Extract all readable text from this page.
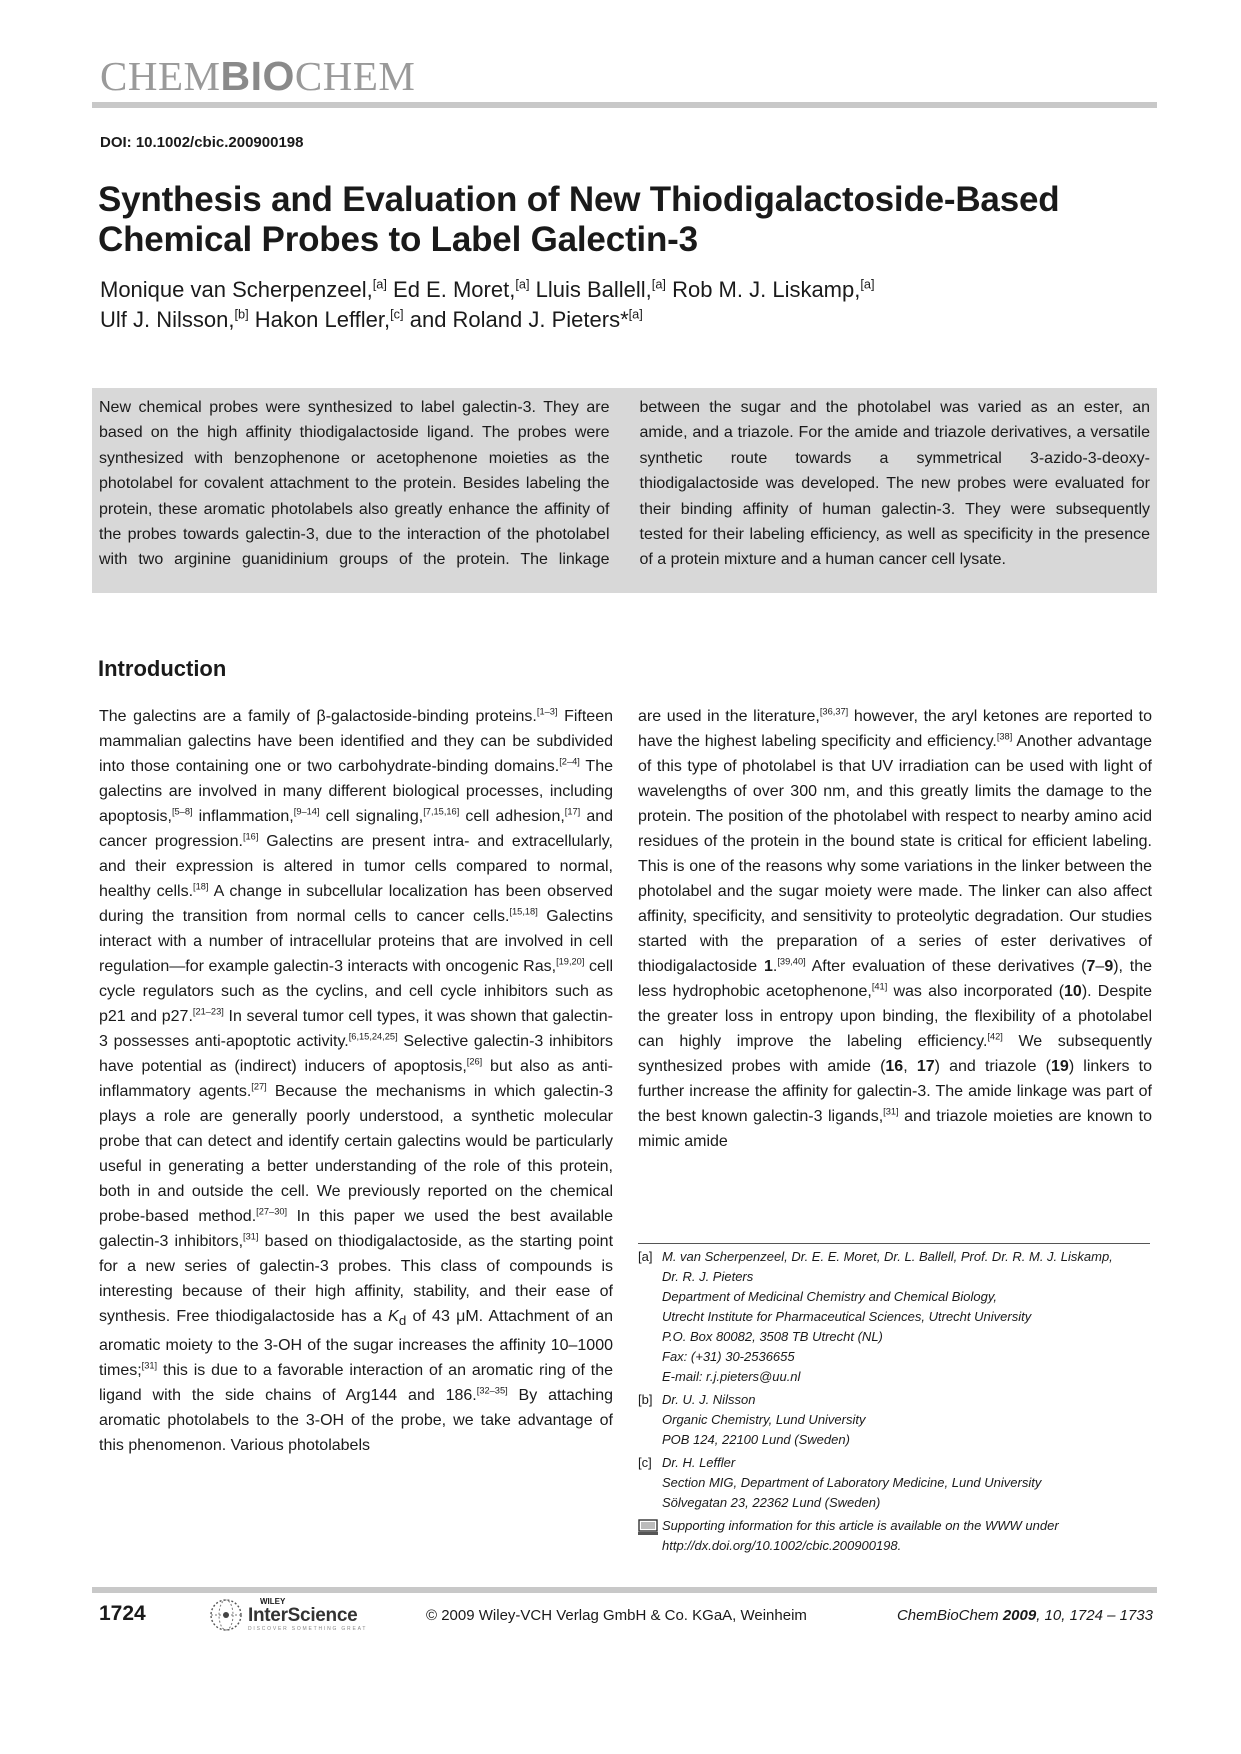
CHEMBIOCHEM
DOI: 10.1002/cbic.200900198
Synthesis and Evaluation of New Thiodigalactoside-Based
Chemical Probes to Label Galectin-3
Monique van Scherpenzeel,[a] Ed E. Moret,[a] Lluis Ballell,[a] Rob M. J. Liskamp,[a]
Ulf J. Nilsson,[b] Hakon Leffler,[c] and Roland J. Pieters*[a]
New chemical probes were synthesized to label galectin-3. They are based on the high affinity thiodigalactoside ligand. The probes were synthesized with benzophenone or acetophenone moieties as the photolabel for covalent attachment to the protein. Besides labeling the protein, these aromatic photolabels also greatly enhance the affinity of the probes towards galectin-3, due to the interaction of the photolabel with two arginine guanidinium groups of the protein. The linkage between the sugar and the photolabel was varied as an ester, an amide, and a triazole. For the amide and triazole derivatives, a versatile synthetic route towards a symmetrical 3-azido-3-deoxy-thiodigalactoside was developed. The new probes were evaluated for their binding affinity of human galectin-3. They were subsequently tested for their labeling efficiency, as well as specificity in the presence of a protein mixture and a human cancer cell lysate.
Introduction

The galectins are a family of β-galactoside-binding proteins.[1–3] Fifteen mammalian galectins have been identified and they can be subdivided into those containing one or two carbohydrate-binding domains.[2–4] The galectins are involved in many different biological processes, including apoptosis,[5–8] inflammation,[9–14] cell signaling,[7,15,16] cell adhesion,[17] and cancer progression.[16] Galectins are present intra- and extracellularly, and their expression is altered in tumor cells compared to normal, healthy cells.[18] A change in subcellular localization has been observed during the transition from normal cells to cancer cells.[15,18] Galectins interact with a number of intracellular proteins that are involved in cell regulation—for example galectin-3 interacts with oncogenic Ras,[19,20] cell cycle regulators such as the cyclins, and cell cycle inhibitors such as p21 and p27.[21–23] In several tumor cell types, it was shown that galectin-3 possesses anti-apoptotic activity.[6,15,24,25] Selective galectin-3 inhibitors have potential as (indirect) inducers of apoptosis,[26] but also as anti-inflammatory agents.[27] Because the mechanisms in which galectin-3 plays a role are generally poorly understood, a synthetic molecular probe that can detect and identify certain galectins would be particularly useful in generating a better understanding of the role of this protein, both in and outside the cell. We previously reported on the chemical probe-based method.[27–30] In this paper we used the best available galectin-3 inhibitors,[31] based on thiodigalactoside, as the starting point for a new series of galectin-3 probes. This class of compounds is interesting because of their high affinity, stability, and their ease of synthesis. Free thiodigalactoside has a $K_d$ of 43 μM. Attachment of an aromatic moiety to the 3-OH of the sugar increases the affinity 10–1000 times;[31] this is due to a favorable interaction of an aromatic ring of the ligand with the side chains of Arg144 and 186.[32–35] By attaching aromatic photolabels to the 3-OH of the probe, we take advantage of this phenomenon. Various photolabels

are used in the literature,[36,37] however, the aryl ketones are reported to have the highest labeling specificity and efficiency.[38] Another advantage of this type of photolabel is that UV irradiation can be used with light of wavelengths of over 300 nm, and this greatly limits the damage to the protein. The position of the photolabel with respect to nearby amino acid residues of the protein in the bound state is critical for efficient labeling. This is one of the reasons why some variations in the linker between the photolabel and the sugar moiety were made. The linker can also affect affinity, specificity, and sensitivity to proteolytic degradation. Our studies started with the preparation of a series of ester derivatives of thiodigalactoside 1.[39,40] After evaluation of these derivatives (7–9), the less hydrophobic acetophenone,[41] was also incorporated (10). Despite the greater loss in entropy upon binding, the flexibility of a photolabel can highly improve the labeling efficiency.[42] We subsequently synthesized probes with amide (16, 17) and triazole (19) linkers to further increase the affinity for galectin-3. The amide linkage was part of the best known galectin-3 ligands,[31] and triazole moieties are known to mimic amide

[a] M. van Scherpenzeel, Dr. E. E. Moret, Dr. L. Ballell, Prof. Dr. R. M. J. Liskamp,
Dr. R. J. Pieters
Department of Medicinal Chemistry and Chemical Biology,
Utrecht Institute for Pharmaceutical Sciences, Utrecht University
P.O. Box 80082, 3508 TB Utrecht (NL)
Fax: (+31) 30-2536655
E-mail: r.j.pieters@uu.nl
[b] Dr. U. J. Nilsson
Organic Chemistry, Lund University
POB 124, 22100 Lund (Sweden)
[c] Dr. H. Leffler
Section MIG, Department of Laboratory Medicine, Lund University
Sölvegatan 23, 22362 Lund (Sweden)
Supporting information for this article is available on the WWW under
http://dx.doi.org/10.1002/cbic.200900198.
1724
WILEY
InterScience
DISCOVER SOMETHING GREAT
© 2009 Wiley-VCH Verlag GmbH & Co. KGaA, Weinheim	ChemBioChem 2009, 10, 1724 – 1733
